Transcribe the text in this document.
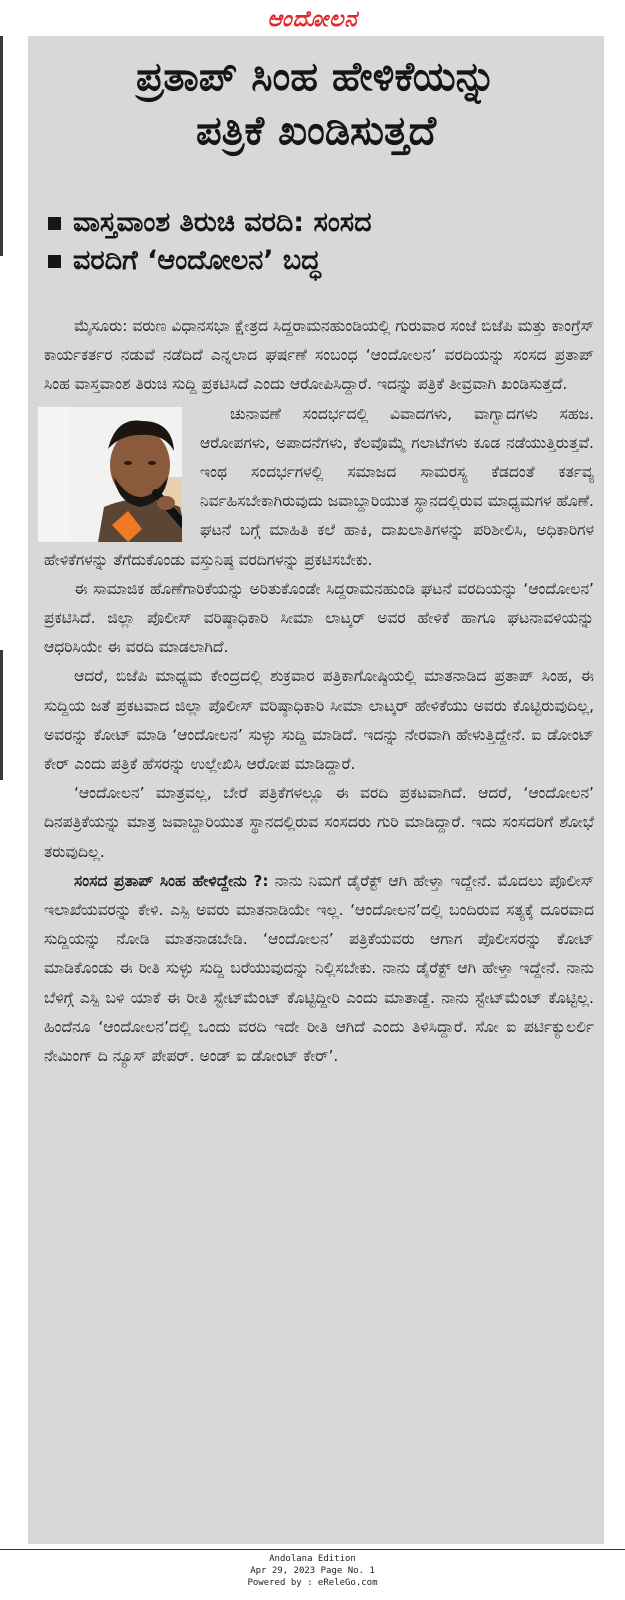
ಆಂದೋಲನ
ಪ್ರತಾಪ್ ಸಿಂಹ ಹೇಳಿಕೆಯನ್ನು
ಪತ್ರಿಕೆ ಖಂಡಿಸುತ್ತದೆ
ವಾಸ್ತವಾಂಶ ತಿರುಚಿ ವರದಿ: ಸಂಸದ
ವರದಿಗೆ ‘ಆಂದೋಲನ’ ಬದ್ಧ

ಮೈಸೂರು: ವರುಣ ವಿಧಾನಸಭಾ ಕ್ಷೇತ್ರದ ಸಿದ್ದರಾಮನಹುಂಡಿಯಲ್ಲಿ ಗುರುವಾರ ಸಂಜೆ ಬಿಜೆಪಿ ಮತ್ತು ಕಾಂಗ್ರೆಸ್ ಕಾರ್ಯಕರ್ತರ ನಡುವೆ ನಡೆದಿದೆ ಎನ್ನಲಾದ ಘರ್ಷಣೆ ಸಂಬಂಧ ‘ಆಂದೋಲನ’ ವರದಿಯನ್ನು ಸಂಸದ ಪ್ರತಾಪ್ ಸಿಂಹ ವಾಸ್ತವಾಂಶ ತಿರುಚಿ ಸುದ್ದಿ ಪ್ರಕಟಿಸಿದೆ ಎಂದು ಆರೋಪಿಸಿದ್ದಾರೆ. ಇದನ್ನು ಪತ್ರಿಕೆ ತೀವ್ರವಾಗಿ ಖಂಡಿಸುತ್ತದೆ.

ಚುನಾವಣೆ ಸಂದರ್ಭದಲ್ಲಿ ವಿವಾದಗಳು, ವಾಗ್ವಾದಗಳು ಸಹಜ. ಆರೋಪಗಳು, ಅಪಾದನೆಗಳು, ಕೆಲವೊಮ್ಮೆ ಗಲಾಟೆಗಳು ಕೂಡ ನಡೆಯುತ್ತಿರುತ್ತವೆ. ಇಂಥ ಸಂದರ್ಭಗಳಲ್ಲಿ ಸಮಾಜದ ಸಾಮರಸ್ಯ ಕೆಡದಂತೆ ಕರ್ತವ್ಯ ನಿರ್ವಹಿಸಬೇಕಾಗಿರುವುದು ಜವಾಬ್ದಾರಿಯುತ ಸ್ಥಾನದಲ್ಲಿರುವ ಮಾಧ್ಯಮಗಳ ಹೊಣೆ. ಘಟನೆ ಬಗ್ಗೆ ಮಾಹಿತಿ ಕಲೆ ಹಾಕಿ, ದಾಖಲಾತಿಗಳನ್ನು ಪರಿಶೀಲಿಸಿ, ಅಧಿಕಾರಿಗಳ ಹೇಳಿಕೆಗಳನ್ನು ತೆಗೆದುಕೊಂಡು ವಸ್ತುನಿಷ್ಠ ವರದಿಗಳನ್ನು ಪ್ರಕಟಿಸಬೇಕು.

ಈ ಸಾಮಾಜಿಕ ಹೊಣೆಗಾರಿಕೆಯನ್ನು ಅರಿತುಕೊಂಡೇ ಸಿದ್ದರಾಮನಹುಂಡಿ ಘಟನೆ ವರದಿಯನ್ನು ‘ಆಂದೋಲನ’ ಪ್ರಕಟಿಸಿದೆ. ಜಿಲ್ಲಾ ಪೊಲೀಸ್ ವರಿಷ್ಠಾಧಿಕಾರಿ ಸೀಮಾ ಲಾಟ್ಕರ್ ಅವರ ಹೇಳಿಕೆ ಹಾಗೂ ಘಟನಾವಳಿಯನ್ನು ಆಧರಿಸಿಯೇ ಈ ವರದಿ ಮಾಡಲಾಗಿದೆ.

ಆದರೆ, ಬಿಜೆಪಿ ಮಾಧ್ಯಮ ಕೇಂದ್ರದಲ್ಲಿ ಶುಕ್ರವಾರ ಪತ್ರಿಕಾಗೋಷ್ಠಿಯಲ್ಲಿ ಮಾತನಾಡಿದ ಪ್ರತಾಪ್ ಸಿಂಹ, ಈ ಸುದ್ದಿಯ ಜತೆ ಪ್ರಕಟವಾದ ಜಿಲ್ಲಾ ಪೊಲೀಸ್ ವರಿಷ್ಠಾಧಿಕಾರಿ ಸೀಮಾ ಲಾಟ್ಕರ್ ಹೇಳಿಕೆಯು ಅವರು ಕೊಟ್ಟಿರುವುದಿಲ್ಲ, ಅವರನ್ನು ಕೋಟ್ ಮಾಡಿ ‘ಆಂದೋಲನ’ ಸುಳ್ಳು ಸುದ್ದಿ ಮಾಡಿದೆ. ಇದನ್ನು ನೇರವಾಗಿ ಹೇಳುತ್ತಿದ್ದೇನೆ. ಐ ಡೋಂಟ್ ಕೇರ್ ಎಂದು ಪತ್ರಿಕೆ ಹೆಸರನ್ನು ಉಲ್ಲೇಖಿಸಿ ಆರೋಪ ಮಾಡಿದ್ದಾರೆ.

‘ಆಂದೋಲನ’ ಮಾತ್ರವಲ್ಲ, ಬೇರೆ ಪತ್ರಿಕೆಗಳಲ್ಲೂ ಈ ವರದಿ ಪ್ರಕಟವಾಗಿದೆ. ಆದರೆ, ‘ಆಂದೋಲನ’ ದಿನಪತ್ರಿಕೆಯನ್ನು ಮಾತ್ರ ಜವಾಬ್ದಾರಿಯುತ ಸ್ಥಾನದಲ್ಲಿರುವ ಸಂಸದರು ಗುರಿ ಮಾಡಿದ್ದಾರೆ. ಇದು ಸಂಸದರಿಗೆ ಶೋಭೆ ತರುವುದಿಲ್ಲ.

ಸಂಸದ ಪ್ರತಾಪ್ ಸಿಂಹ ಹೇಳಿದ್ದೇನು ?: ನಾನು ನಿಮಗೆ ಡೈರೆಕ್ಟ್ ಆಗಿ ಹೇಳ್ತಾ ಇದ್ದೇನೆ. ಮೊದಲು ಪೊಲೀಸ್ ಇಲಾಖೆಯವರನ್ನು ಕೇಳಿ. ಎಸ್ಪಿ ಅವರು ಮಾತನಾಡಿಯೇ ಇಲ್ಲ. ‘ಆಂದೋಲನ’ದಲ್ಲಿ ಬಂದಿರುವ ಸತ್ಯಕ್ಕೆ ದೂರವಾದ ಸುದ್ದಿಯನ್ನು ನೋಡಿ ಮಾತನಾಡಬೇಡಿ. ‘ಆಂದೋಲನ’ ಪತ್ರಿಕೆಯವರು ಆಗಾಗ ಪೊಲೀಸರನ್ನು ಕೋಟ್ ಮಾಡಿಕೊಂಡು ಈ ರೀತಿ ಸುಳ್ಳು ಸುದ್ದಿ ಬರೆಯುವುದನ್ನು ನಿಲ್ಲಿಸಬೇಕು. ನಾನು ಡೈರೆಕ್ಟ್ ಆಗಿ ಹೇಳ್ತಾ ಇದ್ದೇನೆ. ನಾನು ಬೆಳಿಗ್ಗೆ ಎಸ್ಪಿ ಬಳಿ ಯಾಕೆ ಈ ರೀತಿ ಸ್ಟೇಟ್‌ಮೆಂಟ್ ಕೊಟ್ಟಿದ್ದೀರಿ ಎಂದು ಮಾತಾಡ್ದೆ. ನಾನು ಸ್ಟೇಟ್‌ಮೆಂಟ್ ಕೊಟ್ಟಿಲ್ಲ. ಹಿಂದೆನೂ ‘ಆಂದೋಲನ’ದಲ್ಲಿ ಒಂದು ವರದಿ ಇದೇ ರೀತಿ ಆಗಿದೆ ಎಂದು ತಿಳಿಸಿದ್ದಾರೆ. ಸೋ ಐ ಪರ್ಟಿಕ್ಯುಲರ್ಲಿ ನೇಮಿಂಗ್ ದಿ ನ್ಯೂಸ್ ಪೇಪರ್. ಅಂಡ್ ಐ ಡೋಂಟ್ ಕೇರ್’.

Andolana Edition
Apr 29, 2023 Page No. 1
Powered by : eReleGo.com
